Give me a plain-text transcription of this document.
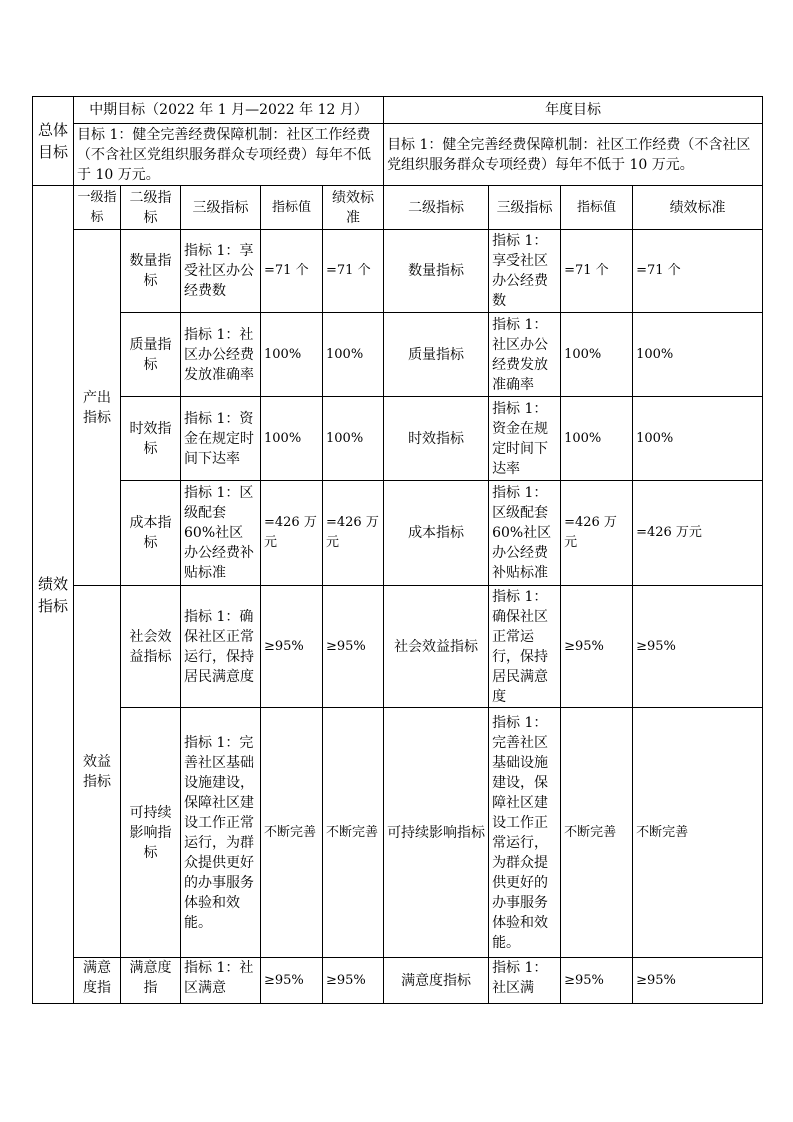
总体目标	中期目标（2022 年 1 月—2022 年 12 月）					年度目标			
	目标 1：健全完善经费保障机制：社区工作经费（不含社区党组织服务群众专项经费）每年不低于 10 万元。					目标 1：健全完善经费保障机制：社区工作经费（不含社区党组织服务群众专项经费）每年不低于 10 万元。			
绩效指标	一级指标	二级指标	三级指标	指标值	绩效标准	二级指标	三级指标	指标值	绩效标准
	产出指标	数量指标	指标 1：享受社区办公经费数	=71 个	=71 个	数量指标	指标 1：享受社区办公经费数	=71 个	=71 个
		质量指标	指标 1：社区办公经费发放准确率	100%	100%	质量指标	指标 1：社区办公经费发放准确率	100%	100%
		时效指标	指标 1：资金在规定时间下达率	100%	100%	时效指标	指标 1：资金在规定时间下达率	100%	100%
		成本指标	指标 1：区级配套 60%社区办公经费补贴标准	=426 万元	=426 万元	成本指标	指标 1：区级配套 60%社区办公经费补贴标准	=426 万元	=426 万元
	效益指标	社会效益指标	指标 1：确保社区正常运行，保持居民满意度	≥95%	≥95%	社会效益指标	指标 1：确保社区正常运行，保持居民满意度	≥95%	≥95%
		可持续影响指标	指标 1：完善社区基础设施建设，保障社区建设工作正常运行，为群众提供更好的办事服务体验和效能。	不断完善	不断完善	可持续影响指标	指标 1：完善社区基础设施建设，保障社区建设工作正常运行，为群众提供更好的办事服务体验和效能。	不断完善	不断完善
	满意度指	满意度指	指标 1：社区满意	≥95%	≥95%	满意度指标	指标 1：社区满	≥95%	≥95%
